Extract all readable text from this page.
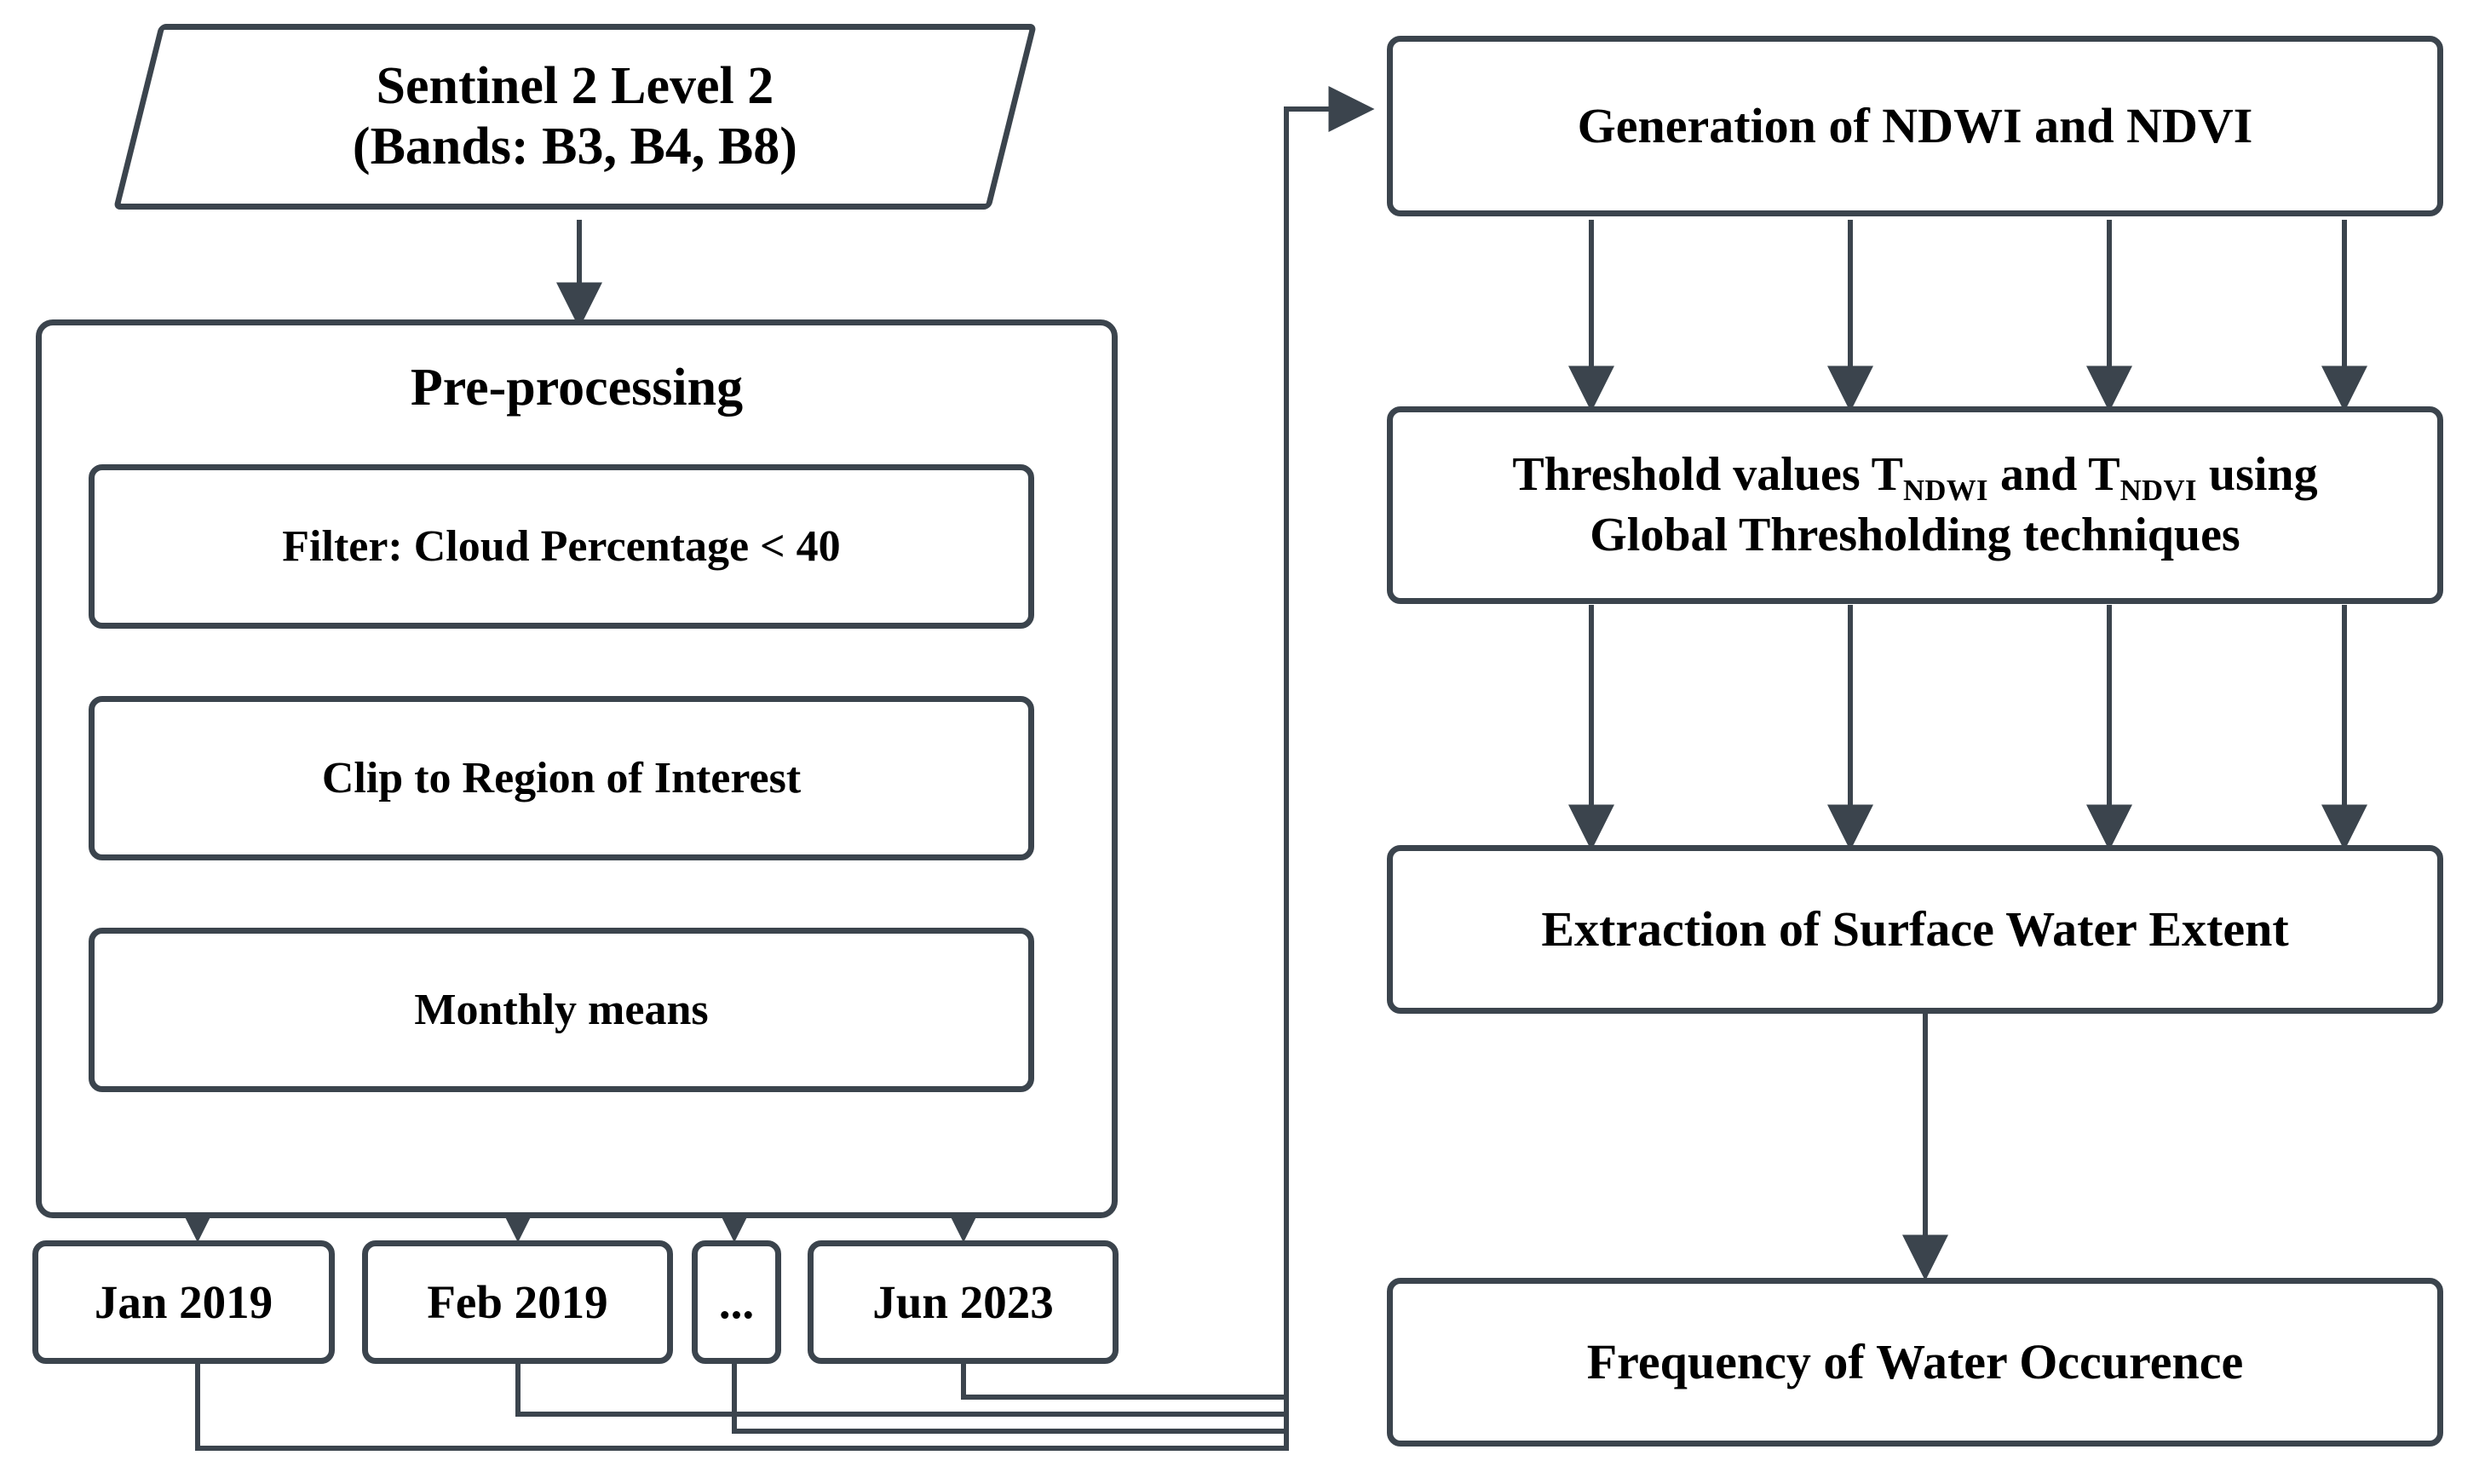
Sentinel 2 Level 2
(Bands: B3, B4, B8)
Pre-processing
Filter: Cloud Percentage < 40
Clip to Region of Interest
Monthly means
Jan 2019	Feb 2019 ...	Jun 2023
Generation of NDWI and NDVI
Threshold values $T_{NDWI}$ and $T_{NDVI}$ using
Global Thresholding techniques
Extraction of Surface Water Extent
Frequency of Water Occurence
